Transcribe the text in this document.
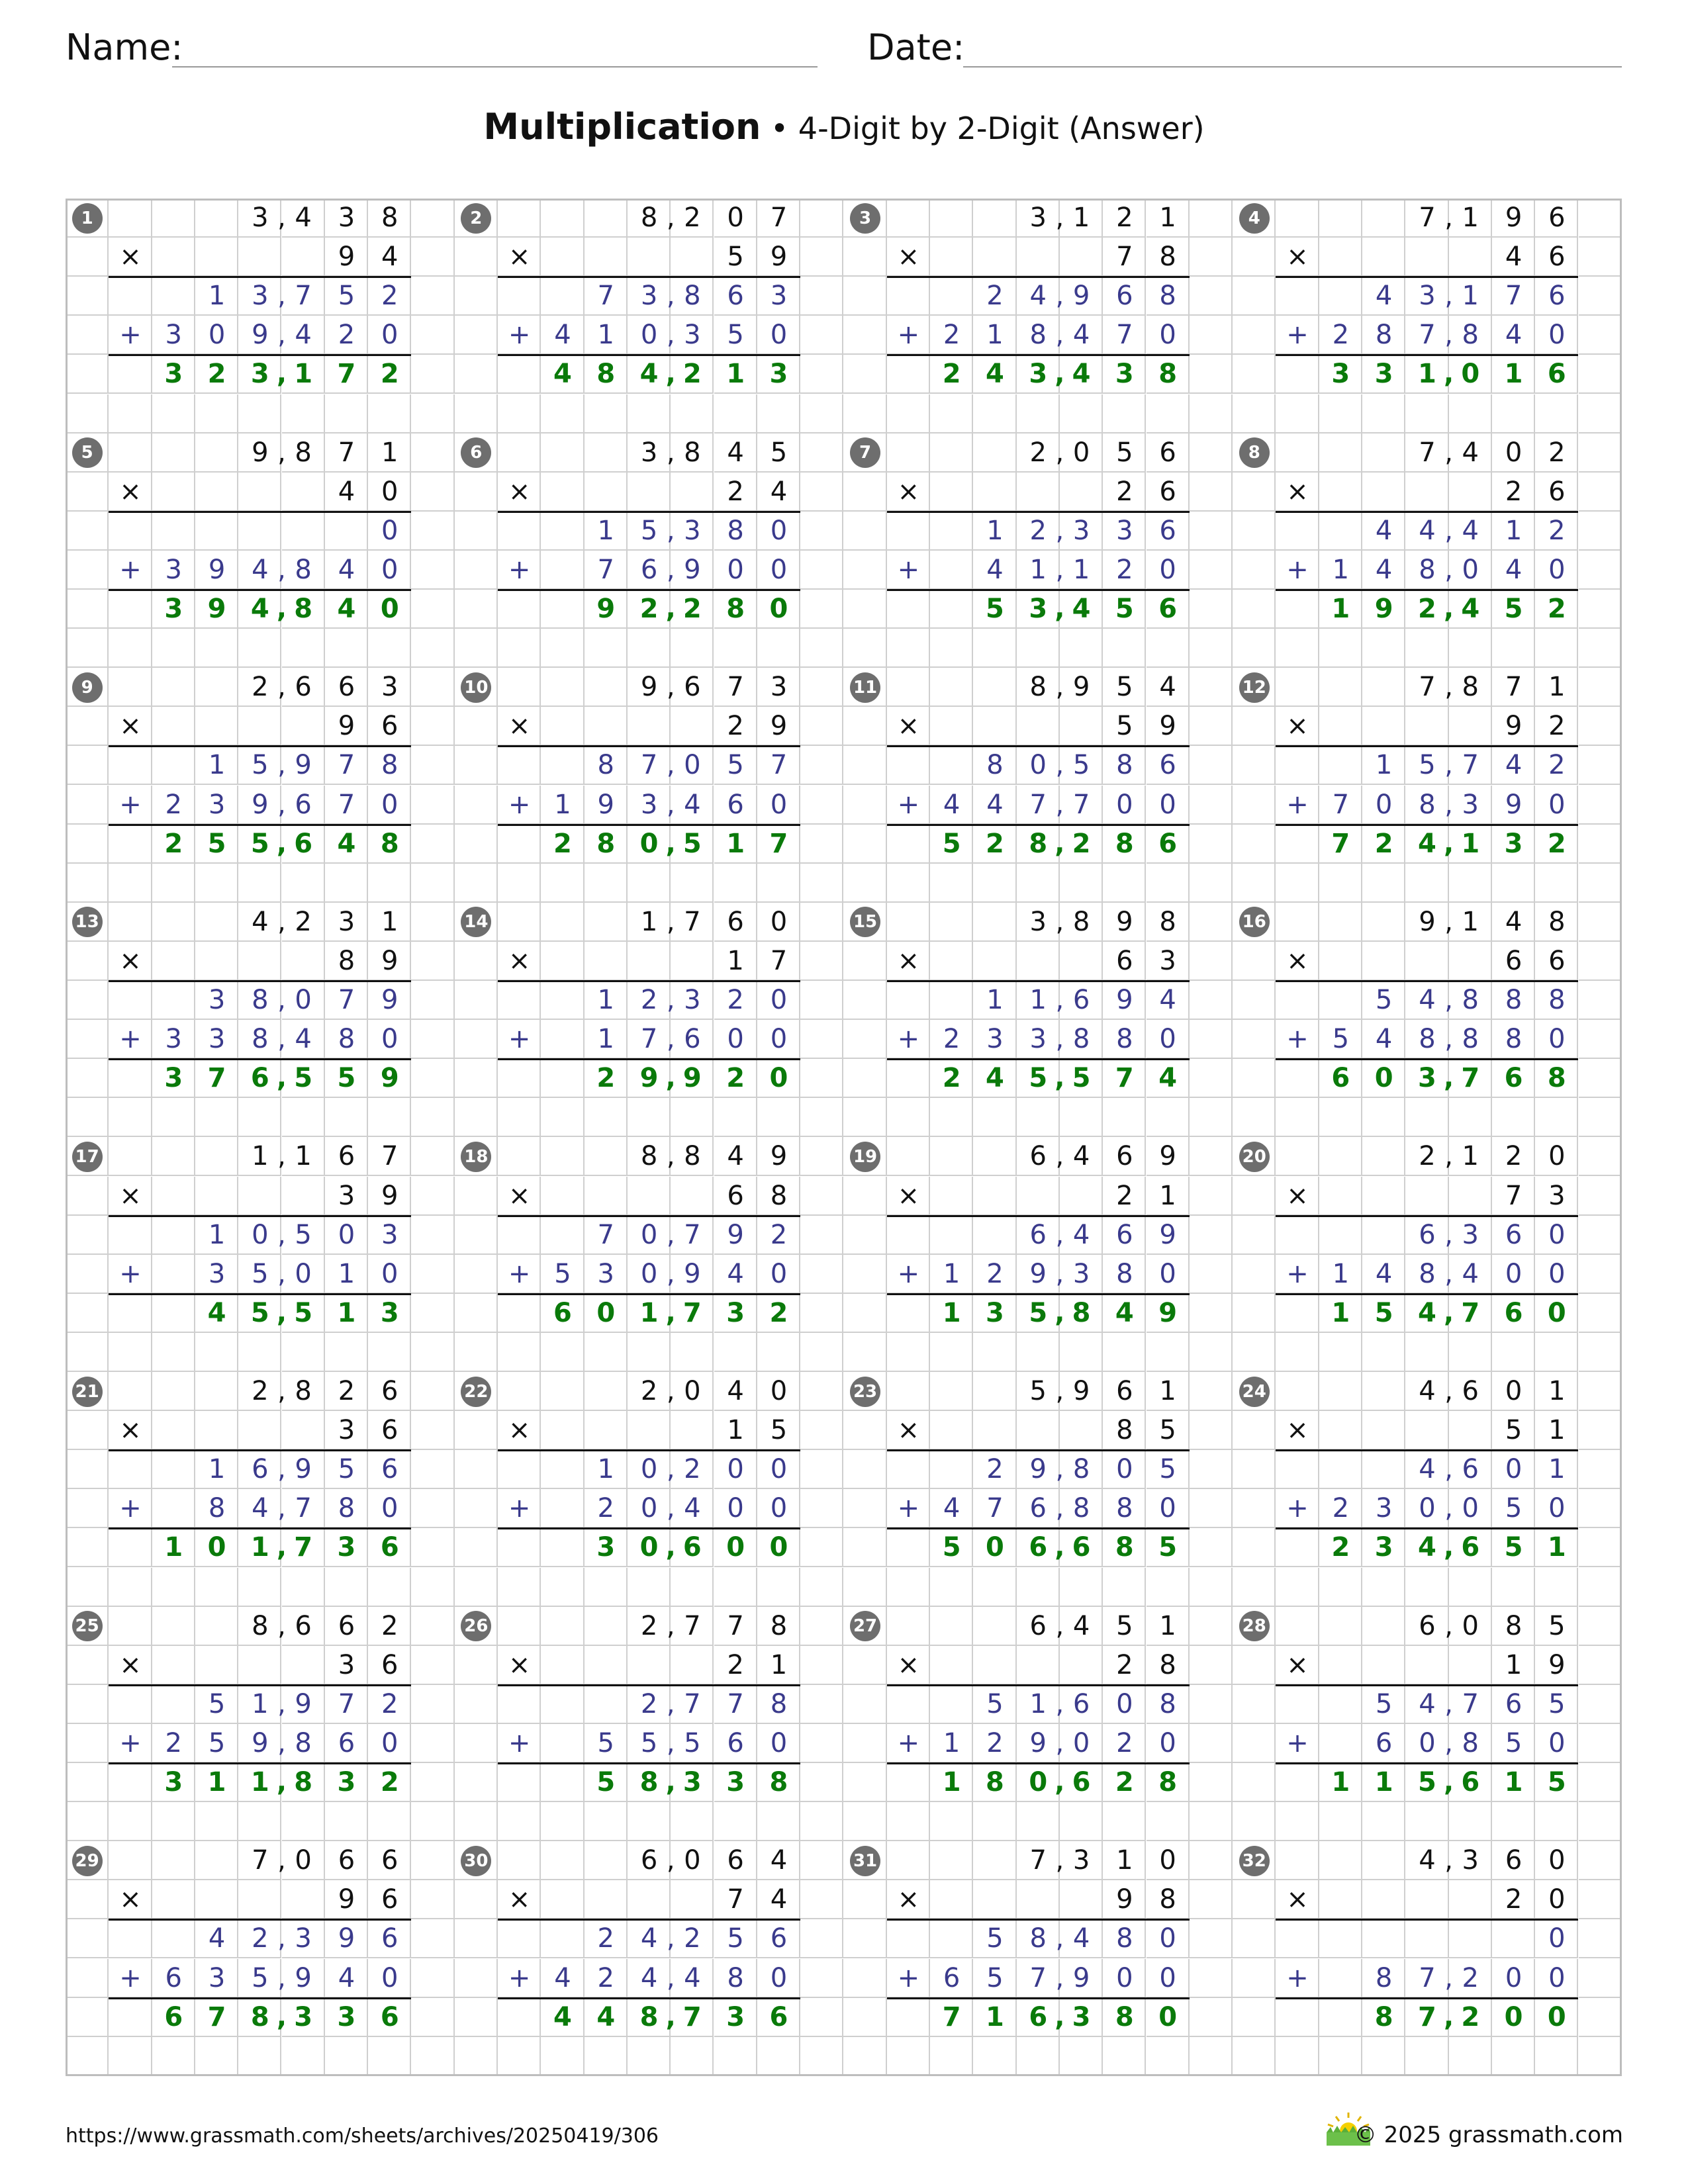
Name:	Date:
Multiplication • 4-Digit by 2-Digit (Answer)
1	3 4 3 8
,
×	9 4
1 3 7 5 2
,
+ 3 0 9 4 2 0
,
3 2 3 1 7 2
,
2	8 2 0 7
,
×	5 9
7 3 8 6 3
,
+ 4 1 0 3 5 0
,
4 8 4 2 1 3
,
3	3 1 2 1
,
×	7 8
2 4 9 6 8
,
+ 2 1 8 4 7 0
,
2 4 3 4 3 8
,
4	7 1 9 6
,
×	4 6
4 3 1 7 6
,
+ 2 8 7 8 4 0
,
3 3 1 0 1 6
,
5	9 8 7 1
,
×	4 0
0
+ 3 9 4 8 4 0
,
3 9 4 8 4 0
,
6	3 8 4 5
,
×	2 4
1 5 3 8 0
,
+	7 6 9 0 0
,
9 2 2 8 0
,
7	2 0 5 6
,
×	2 6
1 2 3 3 6
,
+	4 1 1 2 0
,
5 3 4 5 6
,
8	7 4 0 2
,
×	2 6
4 4 4 1 2
,
+ 1 4 8 0 4 0
,
1 9 2 4 5 2
,
9	2 6 6 3
,
×	9 6
1 5 9 7 8
,
+ 2 3 9 6 7 0
,
2 5 5 6 4 8
,
10	9 6 7 3
,
×	2 9
8 7 0 5 7
,
+ 1 9 3 4 6 0
,
2 8 0 5 1 7
,
11	8 9 5 4
,
×	5 9
8 0 5 8 6
,
+ 4 4 7 7 0 0
,
5 2 8 2 8 6
,
12	7 8 7 1
,
×	9 2
1 5 7 4 2
,
+ 7 0 8 3 9 0
,
7 2 4 1 3 2
,
13	4 2 3 1
,
×	8 9
3 8 0 7 9
,
+ 3 3 8 4 8 0
,
3 7 6 5 5 9
,
14	1 7 6 0
,
×	1 7
1 2 3 2 0
,
+	1 7 6 0 0
,
2 9 9 2 0
,
15	3 8 9 8
,
×	6 3
1 1 6 9 4
,
+ 2 3 3 8 8 0
,
2 4 5 5 7 4
,
16	9 1 4 8
,
×	6 6
5 4 8 8 8
,
+ 5 4 8 8 8 0
,
6 0 3 7 6 8
,
17	1 1 6 7
,
×	3 9
1 0 5 0 3
,
+	3 5 0 1 0
,
4 5 5 1 3
,
18	8 8 4 9
,
×	6 8
7 0 7 9 2
,
+ 5 3 0 9 4 0
,
6 0 1 7 3 2
,
19	6 4 6 9
,
×	2 1
6 4 6 9
,
+ 1 2 9 3 8 0
,
1 3 5 8 4 9
,
20	2 1 2 0
,
×	7 3
6 3 6 0
,
+ 1 4 8 4 0 0
,
1 5 4 7 6 0
,
21	2 8 2 6
,
×	3 6
1 6 9 5 6
,
+	8 4 7 8 0
,
1 0 1 7 3 6
,
22	2 0 4 0
,
×	1 5
1 0 2 0 0
,
+	2 0 4 0 0
,
3 0 6 0 0
,
23	5 9 6 1
,
×	8 5
2 9 8 0 5
,
+ 4 7 6 8 8 0
,
5 0 6 6 8 5
,
24	4 6 0 1
,
×	5 1
4 6 0 1
,
+ 2 3 0 0 5 0
,
2 3 4 6 5 1
,
25	8 6 6 2
,
×	3 6
5 1 9 7 2
,
+ 2 5 9 8 6 0
,
3 1 1 8 3 2
,
26	2 7 7 8
,
×	2 1
2 7 7 8
,
+	5 5 5 6 0
,
5 8 3 3 8
,
27	6 4 5 1
,
×	2 8
5 1 6 0 8
,
+ 1 2 9 0 2 0
,
1 8 0 6 2 8
,
28	6 0 8 5
,
×	1 9
5 4 7 6 5
,
+	6 0 8 5 0
,
1 1 5 6 1 5
,
29	7 0 6 6
,
×	9 6
4 2 3 9 6
,
+ 6 3 5 9 4 0
,
6 7 8 3 3 6
,
30	6 0 6 4
,
×	7 4
2 4 2 5 6
,
+ 4 2 4 4 8 0
,
4 4 8 7 3 6
,
31	7 3 1 0
,
×	9 8
5 8 4 8 0
,
+ 6 5 7 9 0 0
,
7 1 6 3 8 0
,
32	4 3 6 0
,
×	2 0
0
+	8 7 2 0 0
,
8 7 2 0 0
,
https://www.grassmath.com/sheets/archives/20250419/306	© 2025 grassmath.com
